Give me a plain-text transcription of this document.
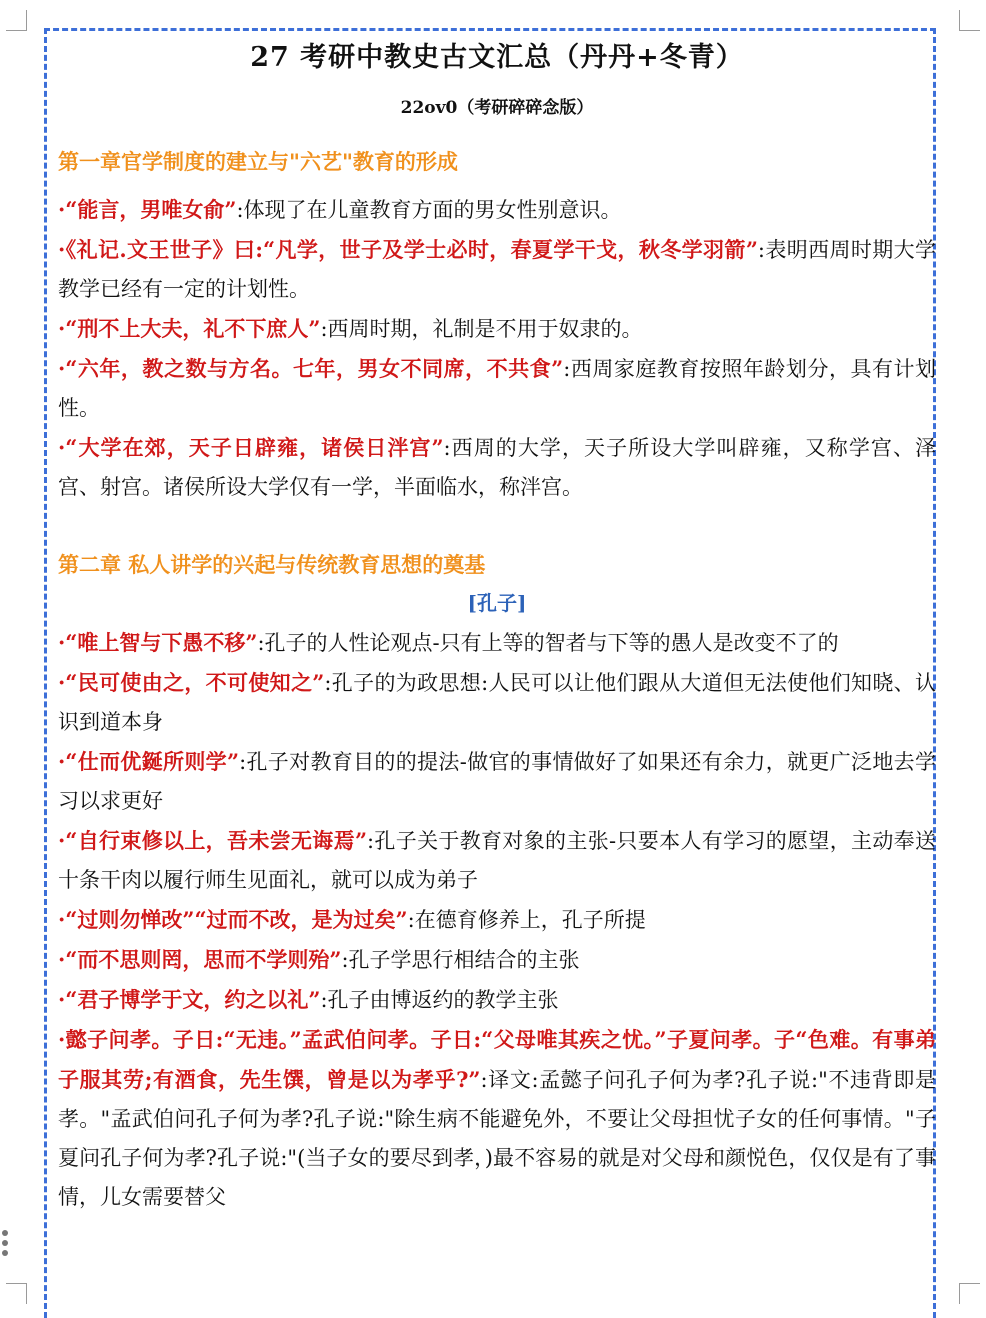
27 考研中教史古文汇总（丹丹+冬青）
22ov0（考研碎碎念版）
第一章官学制度的建立与"六艺"教育的形成

·“能言，男唯女俞”:体现了在儿童教育方面的男女性别意识。

·《礼记.文王世子》曰:“凡学，世子及学士必时，春夏学干戈，秋冬学羽箭”:表明西周时期大学教学已经有一定的计划性。

·“刑不上大夫，礼不下庶人”:西周时期，礼制是不用于奴隶的。

·“六年，教之数与方名。七年，男女不同席，不共食”:西周家庭教育按照年龄划分，具有计划性。

·“大学在郊，天子日辟雍，诸侯日泮宫”:西周的大学，天子所设大学叫辟雍，又称学宫、泽宫、射宫。诸侯所设大学仅有一学，半面临水，称泮宫。

第二章 私人讲学的兴起与传统教育思想的奠基
[孔子]

·“唯上智与下愚不移”:孔子的人性论观点-只有上等的智者与下等的愚人是改变不了的

·“民可使由之，不可使知之”:孔子的为政思想:人民可以让他们跟从大道但无法使他们知晓、认识到道本身

·“仕而优鋋所则学”:孔子对教育目的的提法-做官的事情做好了如果还有余力，就更广泛地去学习以求更好

·“自行束修以上，吾未尝无诲焉”:孔子关于教育对象的主张-只要本人有学习的愿望，主动奉送十条干肉以履行师生见面礼，就可以成为弟子

·“过则勿惮改”“过而不改，是为过矣”:在德育修养上，孔子所提

·“而不思则罔，思而不学则殆”:孔子学思行相结合的主张

·“君子博学于文，约之以礼”:孔子由博返约的教学主张

·懿子问孝。子日:“无违。”孟武伯问孝。子日:“父母唯其疾之忧。”子夏问孝。子“色难。有事弟子服其劳;有酒食，先生馔，曾是以为孝乎?”:译文:孟懿子问孔子何为孝?孔子说:"不违背即是孝。"孟武伯问孔子何为孝?孔子说:"除生病不能避免外，不要让父母担忧子女的任何事情。"子夏问孔子何为孝?孔子说:"(当子女的要尽到孝，)最不容易的就是对父母和颜悦色，仅仅是有了事情，儿女需要替父
